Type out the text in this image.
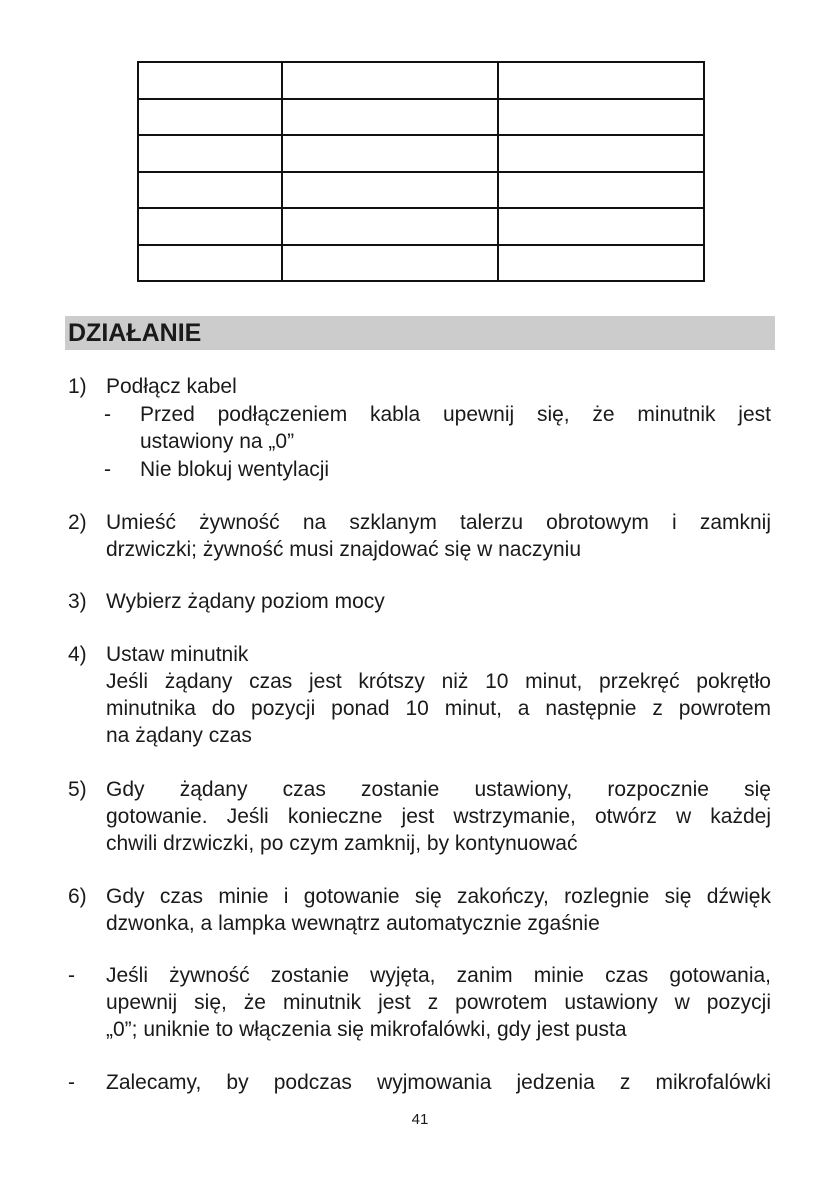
DZIAŁANIE
1) Podłącz kabel

- Przed podłączeniem kabla upewnij się, że minutnik jest

ustawiony na „0”

- Nie blokuj wentylacji

2) Umieść żywność na szklanym talerzu obrotowym i zamknij

drzwiczki; żywność musi znajdować się w naczyniu

3) Wybierz żądany poziom mocy

4) Ustaw minutnik

Jeśli żądany czas jest krótszy niż 10 minut, przekręć pokrętło

minutnika do pozycji ponad 10 minut, a następnie z powrotem

na żądany czas

5) Gdy żądany czas zostanie ustawiony, rozpocznie się

gotowanie. Jeśli konieczne jest wstrzymanie, otwórz w każdej

chwili drzwiczki, po czym zamknij, by kontynuować

6) Gdy czas minie i gotowanie się zakończy, rozlegnie się dźwięk

dzwonka, a lampka wewnątrz automatycznie zgaśnie

- Jeśli żywność zostanie wyjęta, zanim minie czas gotowania,

upewnij się, że minutnik jest z powrotem ustawiony w pozycji

„0”; uniknie to włączenia się mikrofalówki, gdy jest pusta

- Zalecamy, by podczas wyjmowania jedzenia z mikrofalówki

41
